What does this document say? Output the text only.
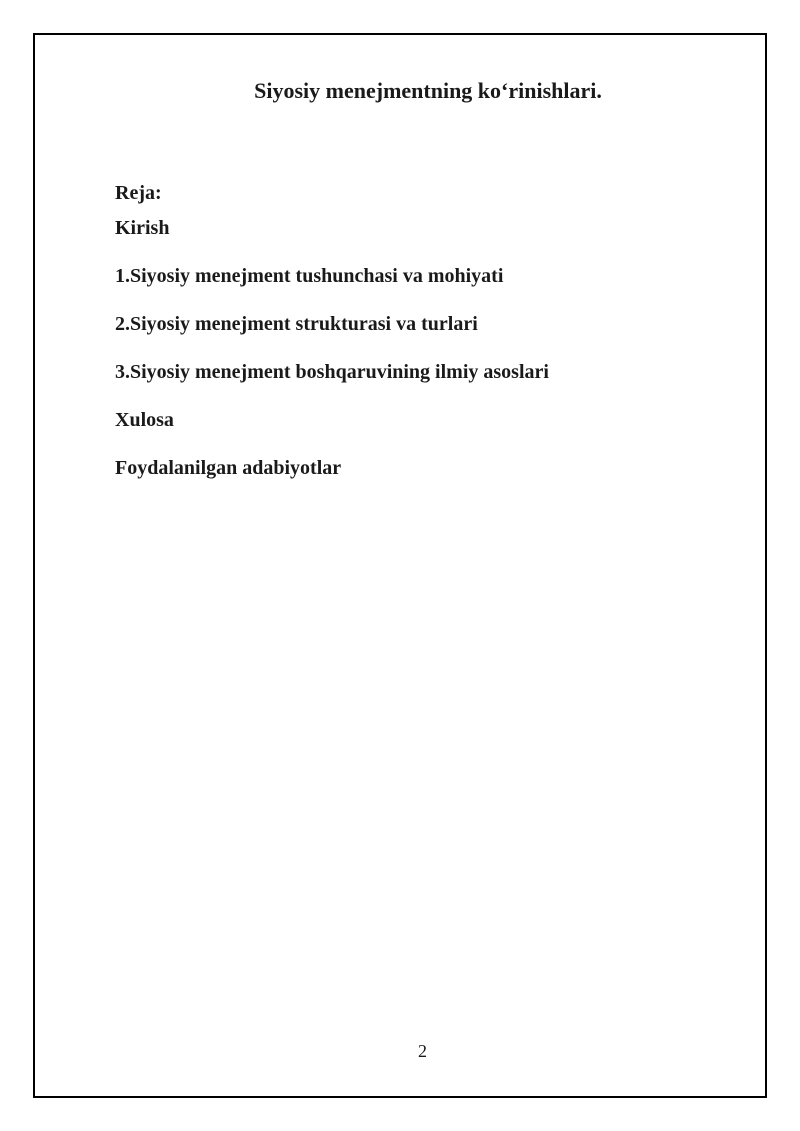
Siyosiy menejmentning ko‘rinishlari.

Reja:

Kirish
1.Siyosiy menejment tushunchasi va mohiyati
2.Siyosiy menejment strukturasi va turlari
3.Siyosiy menejment boshqaruvining ilmiy asoslari
Xulosa
Foydalanilgan adabiyotlar

2
